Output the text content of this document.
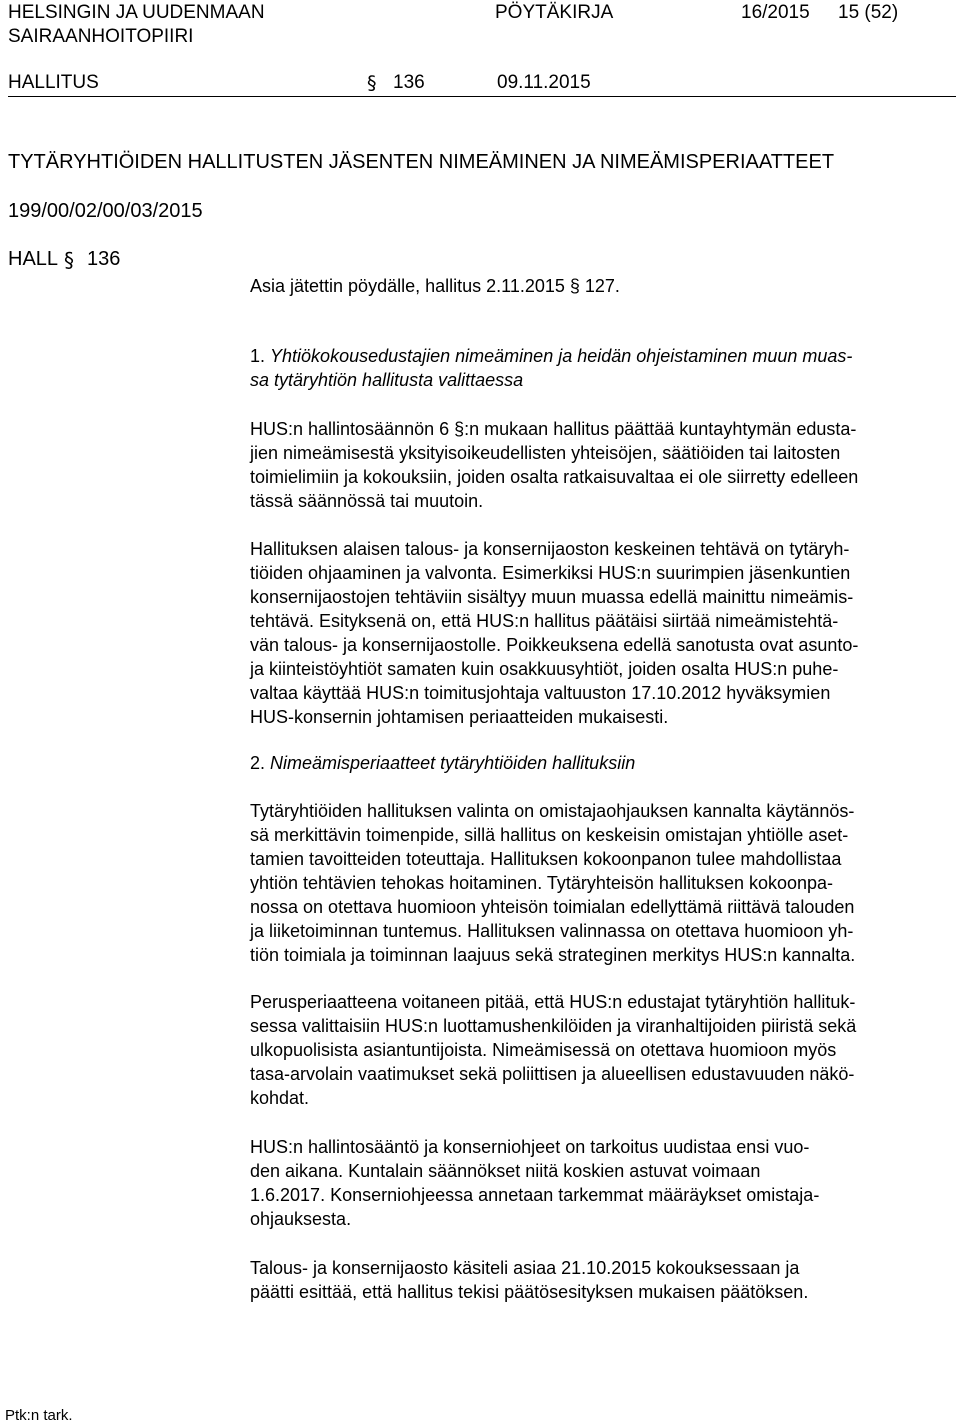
HELSINGIN JA UUDENMAAN
SAIRAANHOITOPIIRI
PÖYTÄKIRJA	16/2015 15 (52)
HALLITUS	§ 136	09.11.2015
TYTÄRYHTIÖIDEN HALLITUSTEN JÄSENTEN NIMEÄMINEN JA NIMEÄMISPERIAATTEET
199/00/02/00/03/2015
HALL § 136
Asia jätettin pöydälle, hallitus 2.11.2015 § 127.
1. Yhtiökokousedustajien nimeäminen ja heidän ohjeistaminen muun muas-
sa tytäryhtiön hallitusta valittaessa
HUS:n hallintosäännön 6 §:n mukaan hallitus päättää kuntayhtymän edusta-
jien nimeämisestä yksityisoikeudellisten yhteisöjen, säätiöiden tai laitosten
toimielimiin ja kokouksiin, joiden osalta ratkaisuvaltaa ei ole siirretty edelleen
tässä säännössä tai muutoin.
Hallituksen alaisen talous- ja konsernijaoston keskeinen tehtävä on tytäryh-
tiöiden ohjaaminen ja valvonta. Esimerkiksi HUS:n suurimpien jäsenkuntien
konsernijaostojen tehtäviin sisältyy muun muassa edellä mainittu nimeämis-
tehtävä. Esityksenä on, että HUS:n hallitus päätäisi siirtää nimeämistehtä-
vän talous- ja konsernijaostolle. Poikkeuksena edellä sanotusta ovat asunto-
ja kiinteistöyhtiöt samaten kuin osakkuusyhtiöt, joiden osalta HUS:n puhe-
valtaa käyttää HUS:n toimitusjohtaja valtuuston 17.10.2012 hyväksymien
HUS-konsernin johtamisen periaatteiden mukaisesti.
2. Nimeämisperiaatteet tytäryhtiöiden hallituksiin
Tytäryhtiöiden hallituksen valinta on omistajaohjauksen kannalta käytännös-
sä merkittävin toimenpide, sillä hallitus on keskeisin omistajan yhtiölle aset-
tamien tavoitteiden toteuttaja. Hallituksen kokoonpanon tulee mahdollistaa
yhtiön tehtävien tehokas hoitaminen. Tytäryhteisön hallituksen kokoonpa-
nossa on otettava huomioon yhteisön toimialan edellyttämä riittävä talouden
ja liiketoiminnan tuntemus. Hallituksen valinnassa on otettava huomioon yh-
tiön toimiala ja toiminnan laajuus sekä strateginen merkitys HUS:n kannalta.
Perusperiaatteena voitaneen pitää, että HUS:n edustajat tytäryhtiön hallituk-
sessa valittaisiin HUS:n luottamushenkilöiden ja viranhaltijoiden piiristä sekä
ulkopuolisista asiantuntijoista. Nimeämisessä on otettava huomioon myös
tasa-arvolain vaatimukset sekä poliittisen ja alueellisen edustavuuden näkö-
kohdat.
HUS:n hallintosääntö ja konserniohjeet on tarkoitus uudistaa ensi vuo-
den aikana. Kuntalain säännökset niitä koskien astuvat voimaan
1.6.2017. Konserniohjeessa annetaan tarkemmat määräykset omistaja-
ohjauksesta.
Talous- ja konsernijaosto käsiteli asiaa 21.10.2015 kokouksessaan ja
päätti esittää, että hallitus tekisi päätösesityksen mukaisen päätöksen.
Ptk:n tark.
